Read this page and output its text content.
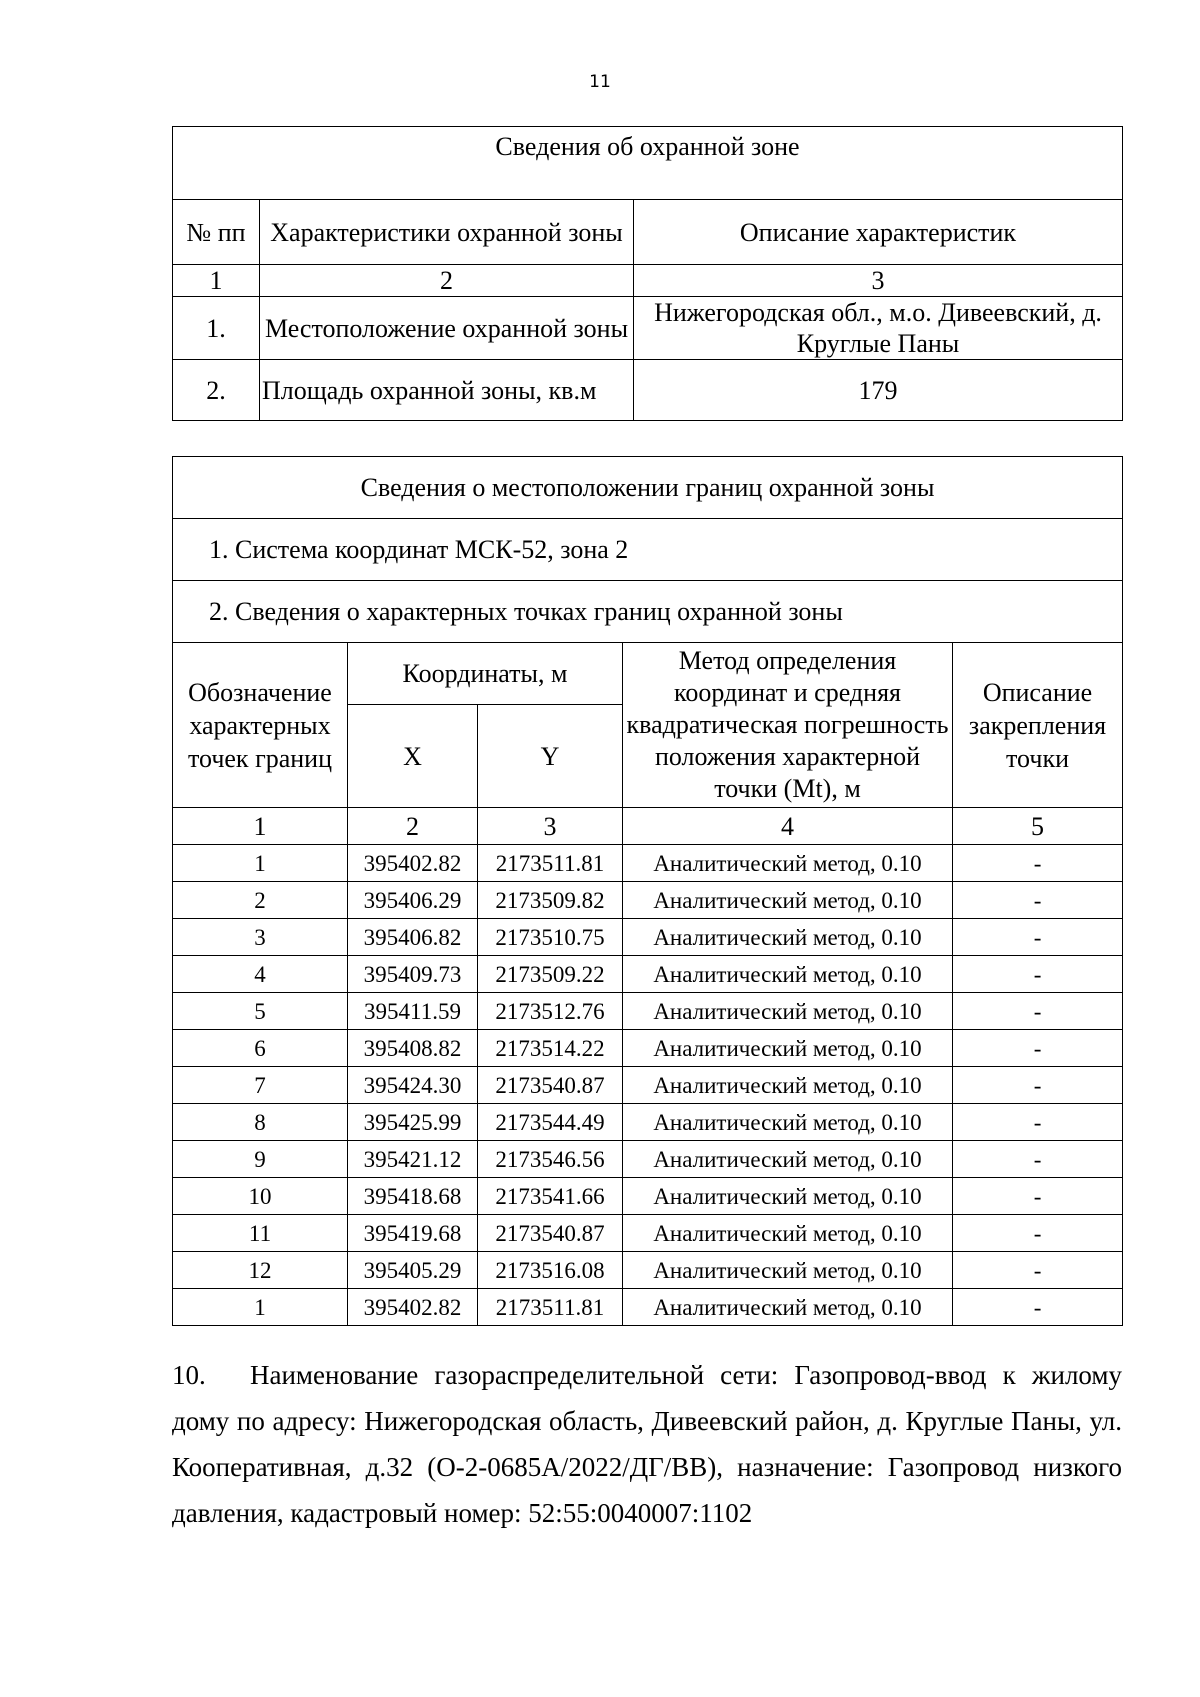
11
Сведения об охранной зоне		
№ пп	Характеристики охранной зоны	Описание характеристик
1	2	3
1.	Местоположение охранной зоны	Нижегородская обл., м.о. Дивеевский, д. Круглые Паны
2.	Площадь охранной зоны, кв.м	179
Сведения о местоположении границ охранной зоны				
1. Система координат МСК-52, зона 2				
2. Сведения о характерных точках границ охранной зоны				
Обозначение характерных точек границ	Координаты, м		Метод определения координат и средняя квадратическая погрешность положения характерной точки (Mt), м	Описание закрепления точки
	X	Y		
1	2	3	4	5
1	395402.82	2173511.81	Аналитический метод, 0.10	-
2	395406.29	2173509.82	Аналитический метод, 0.10	-
3	395406.82	2173510.75	Аналитический метод, 0.10	-
4	395409.73	2173509.22	Аналитический метод, 0.10	-
5	395411.59	2173512.76	Аналитический метод, 0.10	-
6	395408.82	2173514.22	Аналитический метод, 0.10	-
7	395424.30	2173540.87	Аналитический метод, 0.10	-
8	395425.99	2173544.49	Аналитический метод, 0.10	-
9	395421.12	2173546.56	Аналитический метод, 0.10	-
10	395418.68	2173541.66	Аналитический метод, 0.10	-
11	395419.68	2173540.87	Аналитический метод, 0.10	-
12	395405.29	2173516.08	Аналитический метод, 0.10	-
1	395402.82	2173511.81	Аналитический метод, 0.10	-
10. Наименование газораспределительной сети: Газопровод-ввод к жилому дому по адресу: Нижегородская область, Дивеевский район, д. Круглые Паны, ул. Кооперативная, д.32 (О-2-0685А/2022/ДГ/ВВ), назначение: Газопровод низкого давления, кадастровый номер: 52:55:0040007:1102
